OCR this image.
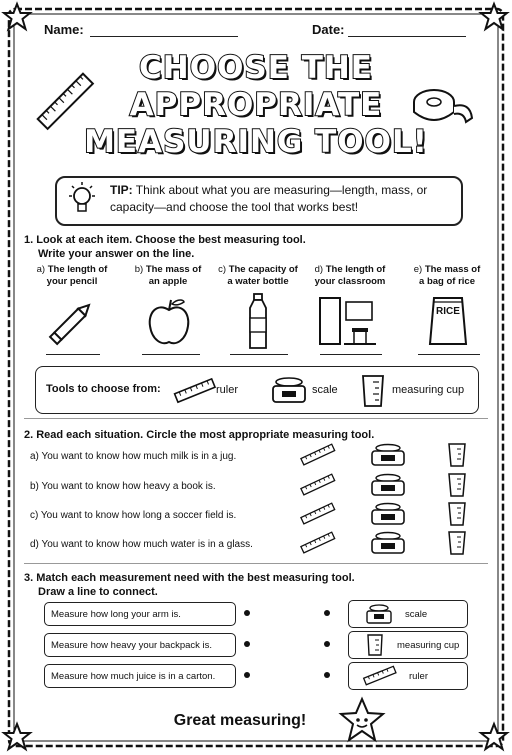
Name:	Date:
CHOOSE THE
APPROPRIATE
MEASURING TOOL!
TIP: Think about what you are measuring—length, mass, or capacity—and choose the tool that works best!
1. Look at each item. Choose the best measuring tool.
Write your answer on the line.
a) The length of
your pencil
b) The mass of
an apple
c) The capacity of
a water bottle
d) The length of
your classroom
e) The mass of
a bag of rice
RICE
Tools to choose from:	ruler	scale	measuring cup
2. Read each situation. Circle the most appropriate measuring tool.
a) You want to know how much milk is in a jug.
b) You want to know how heavy a book is.
c) You want to know how long a soccer field is.
d) You want to know how much water is in a glass.
3. Match each measurement need with the best measuring tool.
Draw a line to connect.
Measure how long your arm is.
Measure how heavy your backpack is.
Measure how much juice is in a carton.
scale
measuring cup
ruler
Great measuring!
